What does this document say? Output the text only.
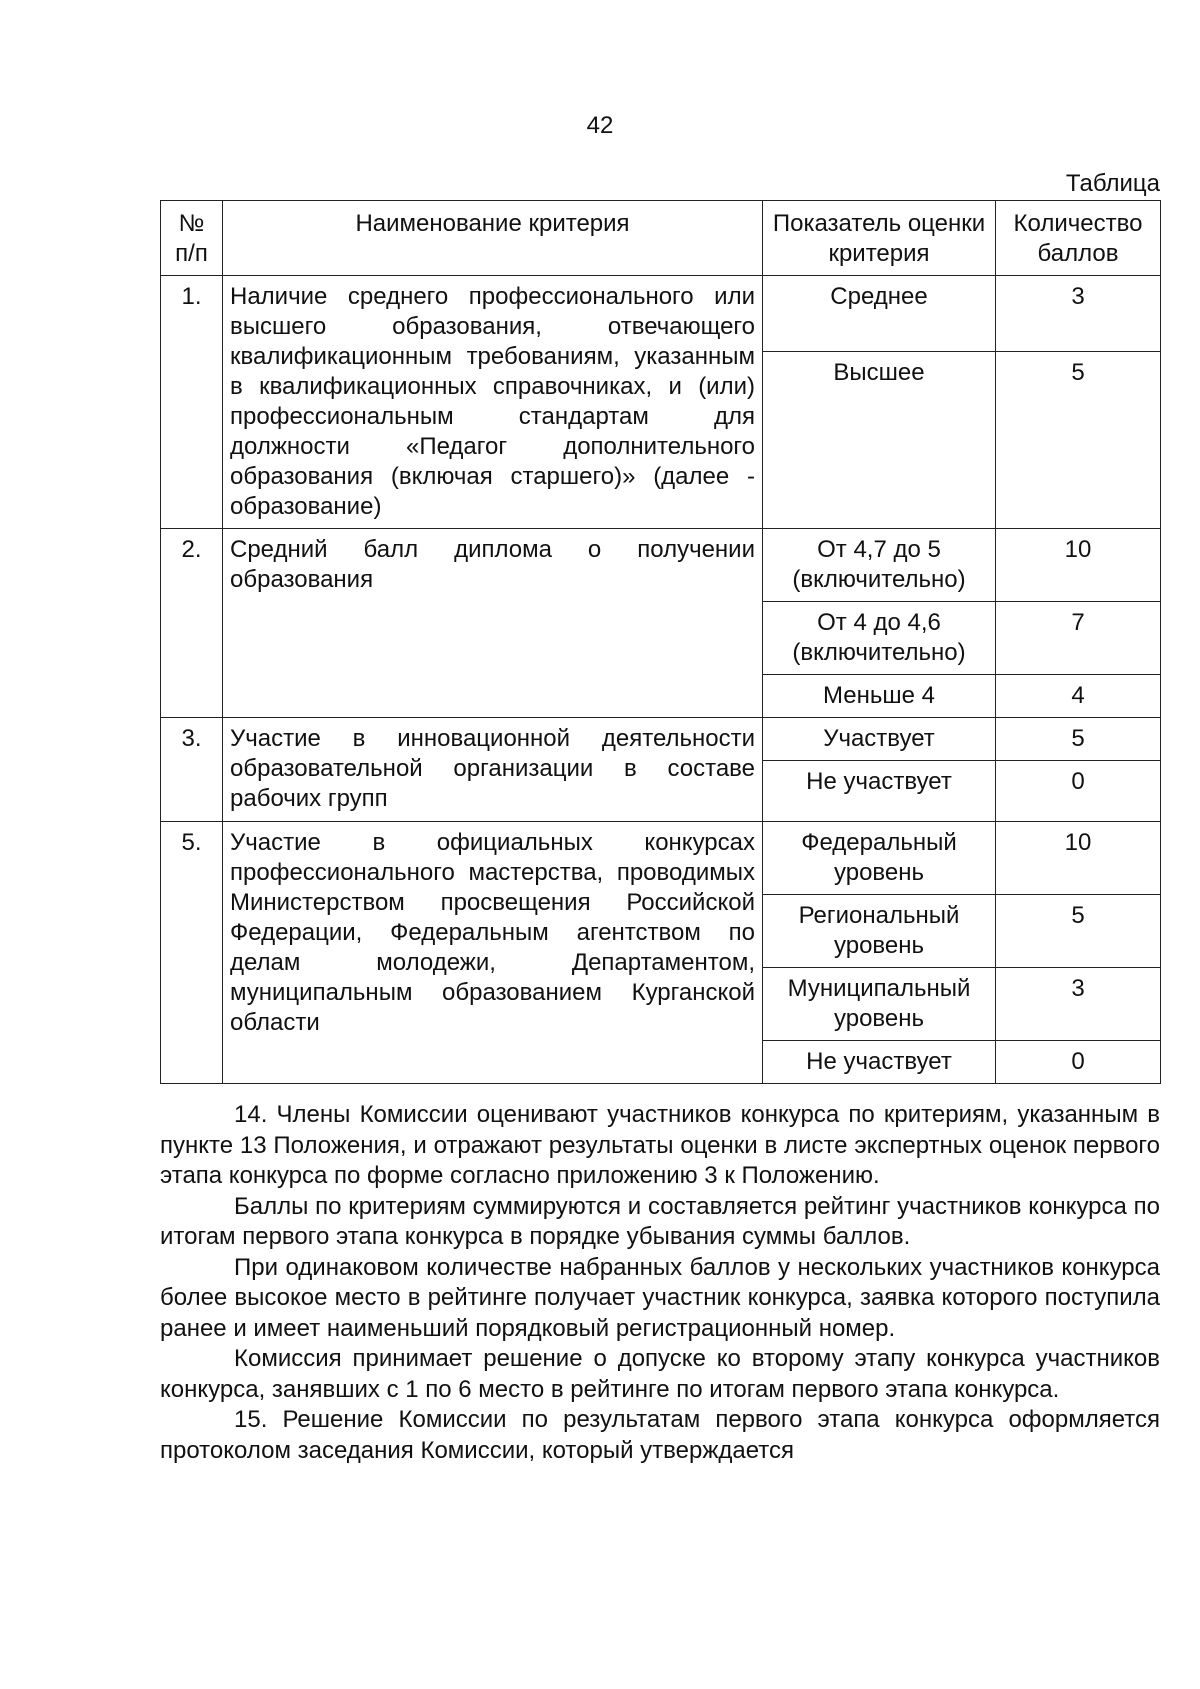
42
Таблица
№ п/п	Наименование критерия	Показатель оценки критерия	Количество баллов
1.	Наличие среднего профессионального или высшего образования, отвечающего квалификационным требованиям, указанным в квалификационных справочниках, и (или) профессиональным стандартам для должности «Педагог дополнительного образования (включая старшего)» (далее - образование)	Среднее	3
		Высшее	5
2.	Средний балл диплома о получении образования	От 4,7 до 5 (включительно)	10
		От 4 до 4,6 (включительно)	7
		Меньше 4	4
3.	Участие в инновационной деятельности образовательной организации в составе рабочих групп	Участвует	5
		Не участвует	0
5.	Участие в официальных конкурсах профессионального мастерства, проводимых Министерством просвещения Российской Федерации, Федеральным агентством по делам молодежи, Департаментом, муниципальным образованием Курганской области	Федеральный уровень	10
		Региональный уровень	5
		Муниципальный уровень	3
		Не участвует	0

14. Члены Комиссии оценивают участников конкурса по критериям, указанным в пункте 13 Положения, и отражают результаты оценки в листе экспертных оценок первого этапа конкурса по форме согласно приложению 3 к Положению.

Баллы по критериям суммируются и составляется рейтинг участников конкурса по итогам первого этапа конкурса в порядке убывания суммы баллов.

При одинаковом количестве набранных баллов у нескольких участников конкурса более высокое место в рейтинге получает участник конкурса, заявка которого поступила ранее и имеет наименьший порядковый регистрационный номер.

Комиссия принимает решение о допуске ко второму этапу конкурса участников конкурса, занявших с 1 по 6 место в рейтинге по итогам первого этапа конкурса.

15. Решение Комиссии по результатам первого этапа конкурса оформляется протоколом заседания Комиссии, который утверждается
